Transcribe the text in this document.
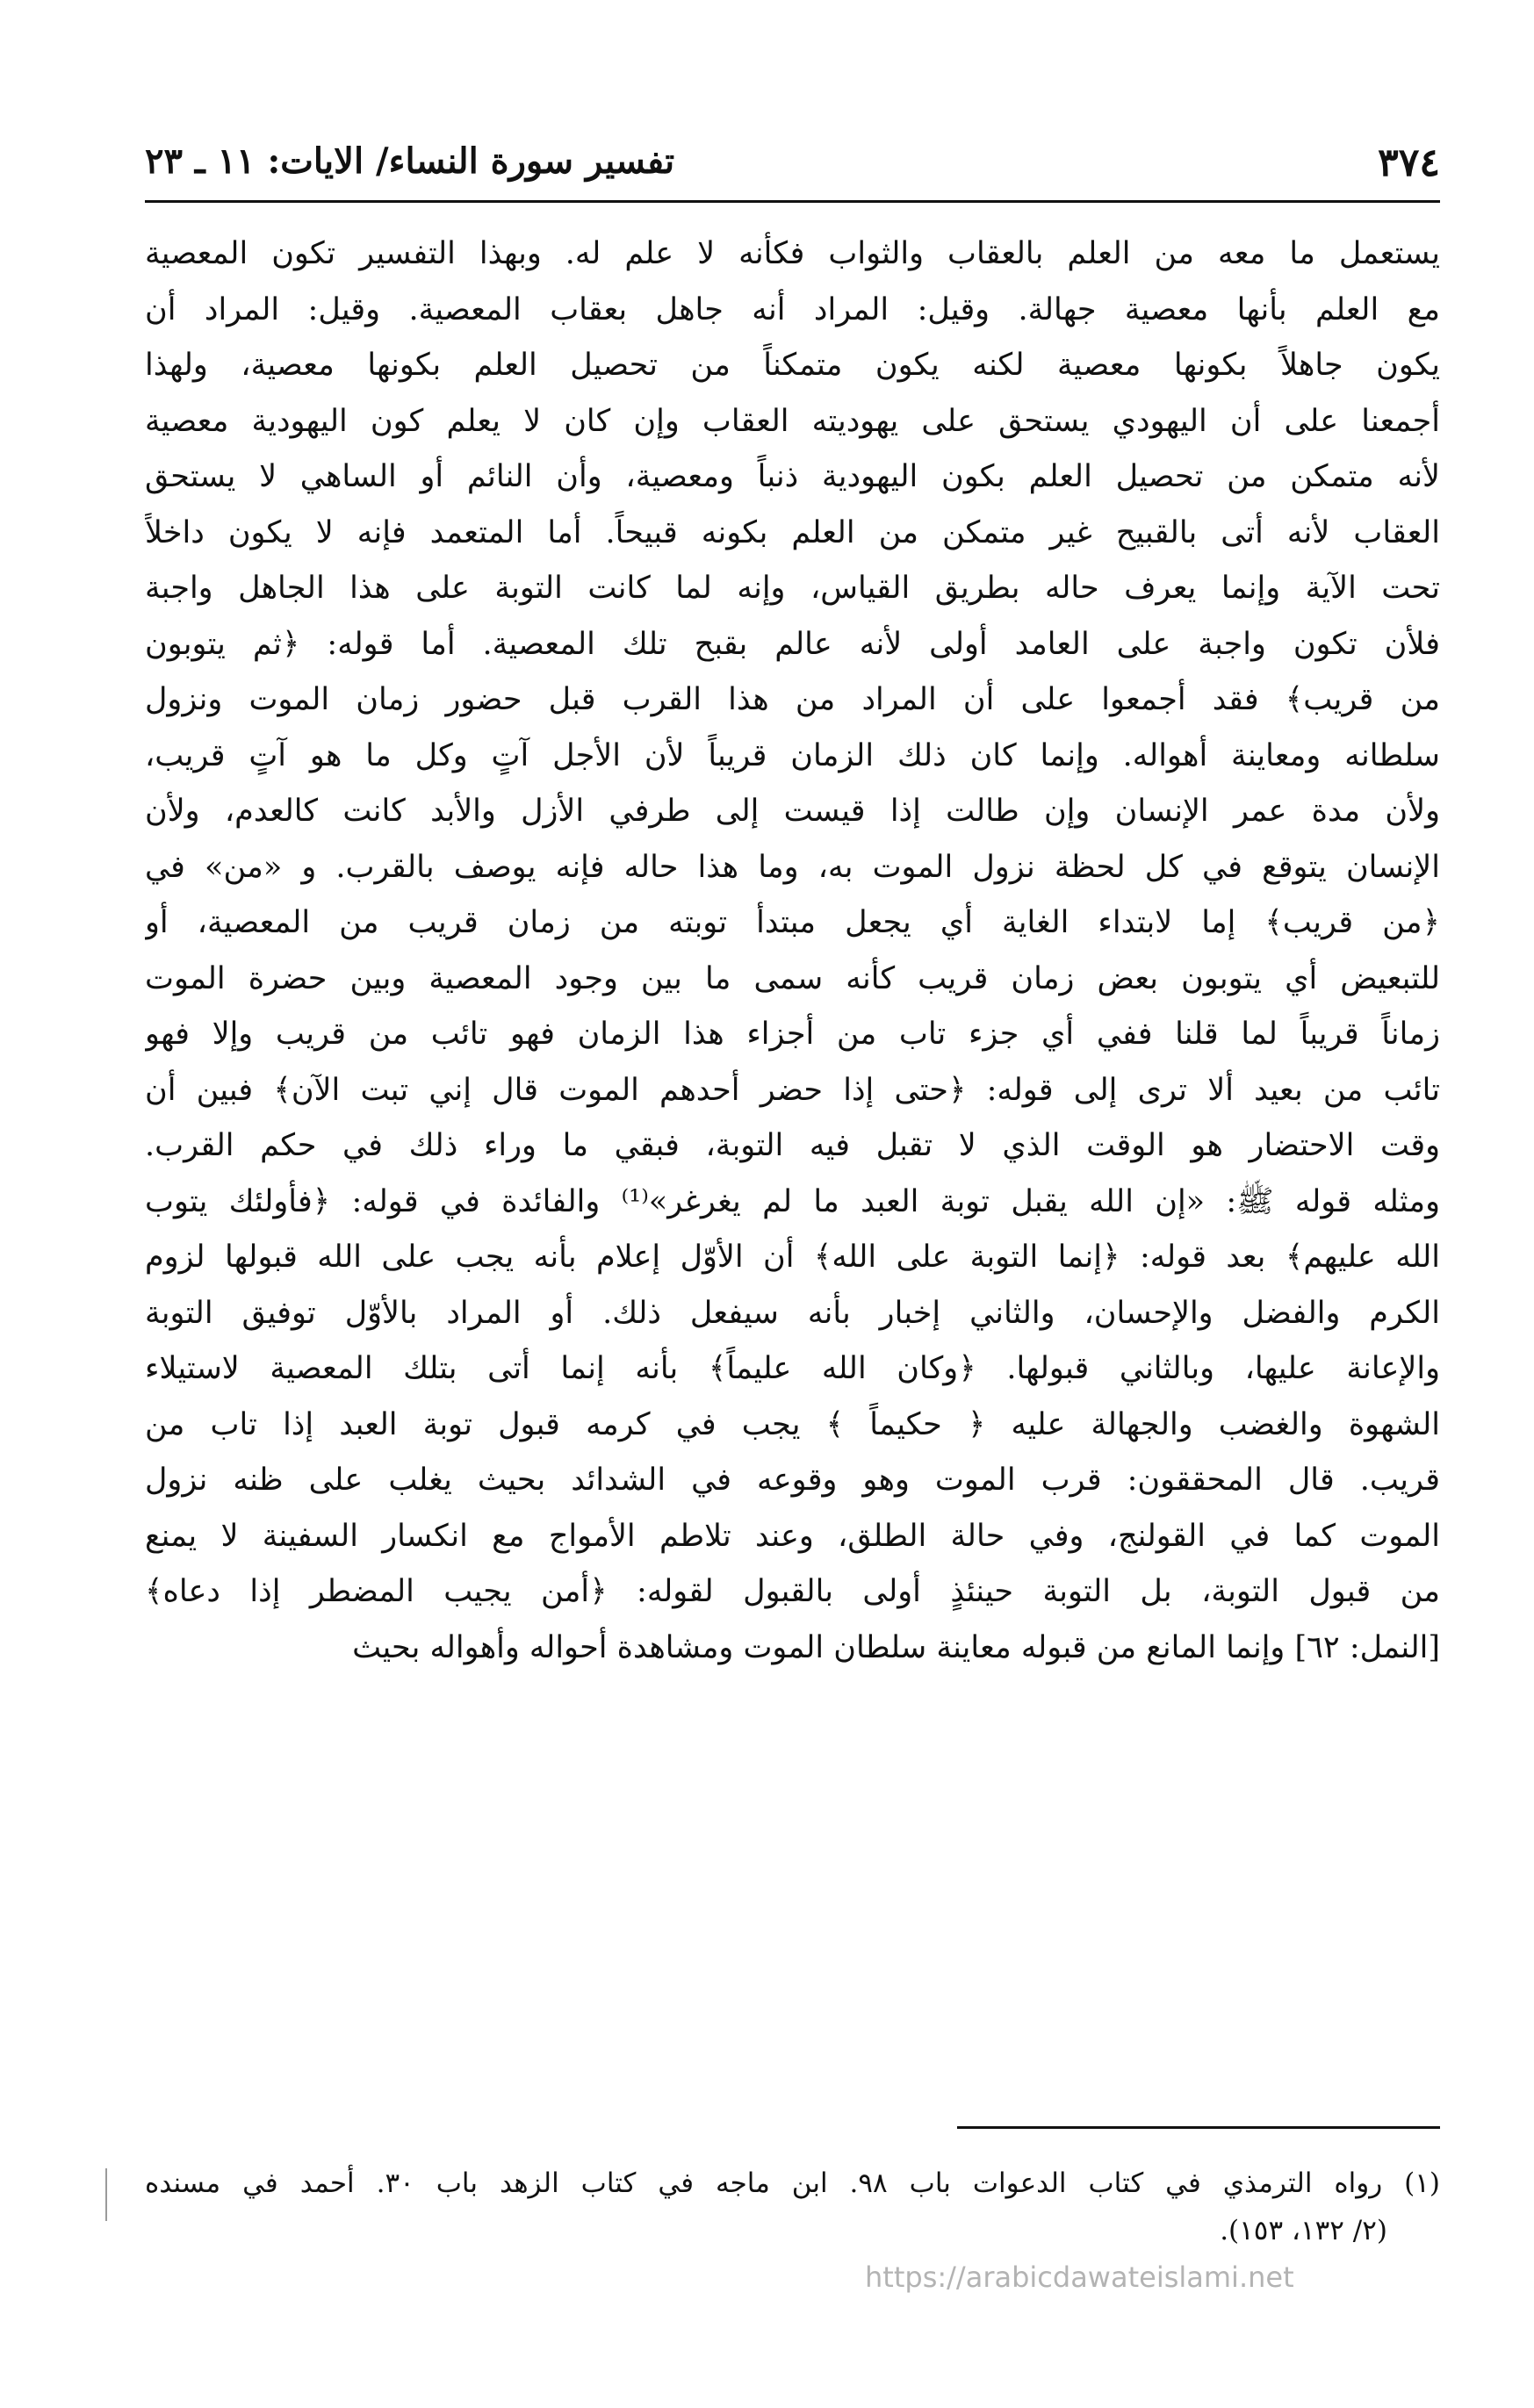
٣٧٤
تفسير سورة النساء/ الايات: ١١ ـ ٢٣
يستعمل ما معه من العلم بالعقاب والثواب فكأنه لا علم له. وبهذا التفسير تكون المعصية
مع العلم بأنها معصية جهالة. وقيل: المراد أنه جاهل بعقاب المعصية. وقيل: المراد أن
يكون جاهلاً بكونها معصية لكنه يكون متمكناً من تحصيل العلم بكونها معصية، ولهذا
أجمعنا على أن اليهودي يستحق على يهوديته العقاب وإن كان لا يعلم كون اليهودية معصية
لأنه متمكن من تحصيل العلم بكون اليهودية ذنباً ومعصية، وأن النائم أو الساهي لا يستحق
العقاب لأنه أتى بالقبيح غير متمكن من العلم بكونه قبيحاً. أما المتعمد فإنه لا يكون داخلاً
تحت الآية وإنما يعرف حاله بطريق القياس، وإنه لما كانت التوبة على هذا الجاهل واجبة
فلأن تكون واجبة على العامد أولى لأنه عالم بقبح تلك المعصية. أما قوله: ﴿ثم يتوبون
من قريب﴾ فقد أجمعوا على أن المراد من هذا القرب قبل حضور زمان الموت ونزول
سلطانه ومعاينة أهواله. وإنما كان ذلك الزمان قريباً لأن الأجل آتٍ وكل ما هو آتٍ قريب،
ولأن مدة عمر الإنسان وإن طالت إذا قيست إلى طرفي الأزل والأبد كانت كالعدم، ولأن
الإنسان يتوقع في كل لحظة نزول الموت به، وما هذا حاله فإنه يوصف بالقرب. و «من» في
﴿من قريب﴾ إما لابتداء الغاية أي يجعل مبتدأ توبته من زمان قريب من المعصية، أو
للتبعيض أي يتوبون بعض زمان قريب كأنه سمى ما بين وجود المعصية وبين حضرة الموت
زماناً قريباً لما قلنا ففي أي جزء تاب من أجزاء هذا الزمان فهو تائب من قريب وإلا فهو
تائب من بعيد ألا ترى إلى قوله: ﴿حتى إذا حضر أحدهم الموت قال إني تبت الآن﴾ فبين أن
وقت الاحتضار هو الوقت الذي لا تقبل فيه التوبة، فبقي ما وراء ذلك في حكم القرب.
ومثله قوله ﷺ: «إن الله يقبل توبة العبد ما لم يغرغر»⁽¹⁾ والفائدة في قوله: ﴿فأولئك يتوب
الله عليهم﴾ بعد قوله: ﴿إنما التوبة على الله﴾ أن الأوّل إعلام بأنه يجب على الله قبولها لزوم
الكرم والفضل والإحسان، والثاني إخبار بأنه سيفعل ذلك. أو المراد بالأوّل توفيق التوبة
والإعانة عليها، وبالثاني قبولها. ﴿وكان الله عليماً﴾ بأنه إنما أتى بتلك المعصية لاستيلاء
الشهوة والغضب والجهالة عليه ﴿ حكيماً ﴾ يجب في كرمه قبول توبة العبد إذا تاب من
قريب. قال المحققون: قرب الموت وهو وقوعه في الشدائد بحيث يغلب على ظنه نزول
الموت كما في القولنج، وفي حالة الطلق، وعند تلاطم الأمواج مع انكسار السفينة لا يمنع
من قبول التوبة، بل التوبة حينئذٍ أولى بالقبول لقوله: ﴿أمن يجيب المضطر إذا دعاه﴾
[النمل: ٦٢] وإنما المانع من قبوله معاينة سلطان الموت ومشاهدة أحواله وأهواله بحيث
(١) رواه الترمذي في كتاب الدعوات باب ٩٨. ابن ماجه في كتاب الزهد باب ٣٠. أحمد في مسنده
(٢/ ١٣٢، ١٥٣).
https://arabicdawateislami.net
